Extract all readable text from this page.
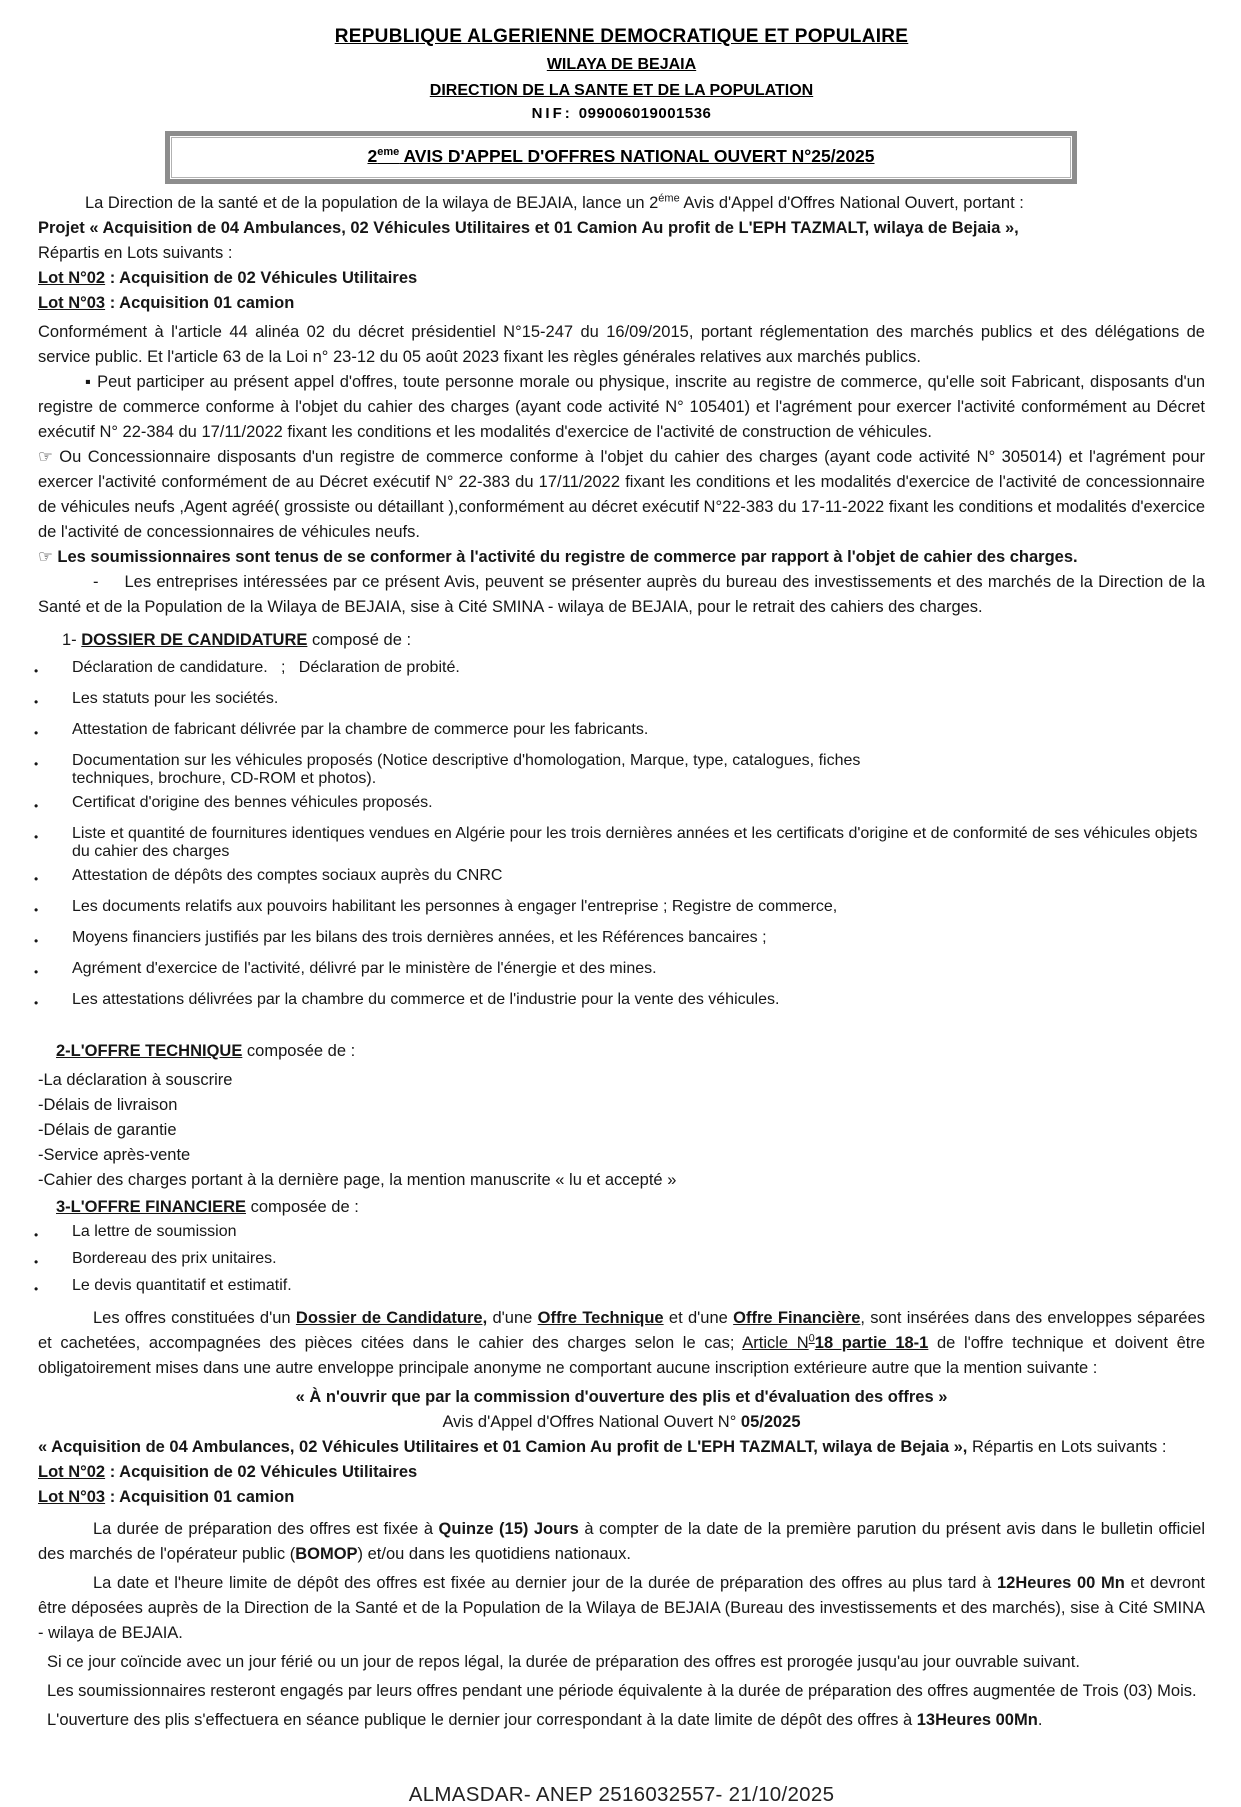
REPUBLIQUE ALGERIENNE DEMOCRATIQUE ET POPULAIRE
WILAYA DE BEJAIA
DIRECTION DE LA SANTE ET DE LA POPULATION
NIF: 099006019001536
2eme AVIS D'APPEL D'OFFRES NATIONAL OUVERT N°25/2025

La Direction de la santé et de la population de la wilaya de BEJAIA, lance un $2^{éme}$ Avis d'Appel d'Offres National Ouvert, portant :

Projet « Acquisition de 04 Ambulances, 02 Véhicules Utilitaires et 01 Camion Au profit de L'EPH TAZMALT, wilaya de Bejaia »,

Répartis en Lots suivants :

Lot N°02 : Acquisition de 02 Véhicules Utilitaires

Lot N°03 : Acquisition 01 camion

Conformément à l'article 44 alinéa 02 du décret présidentiel N°15-247 du 16/09/2015, portant réglementation des marchés publics et des délégations de service public. Et l'article 63 de la Loi n° 23-12 du 05 août 2023 fixant les règles générales relatives aux marchés publics.

▪ Peut participer au présent appel d'offres, toute personne morale ou physique, inscrite au registre de commerce, qu'elle soit Fabricant, disposants d'un registre de commerce conforme à l'objet du cahier des charges (ayant code activité N° 105401) et l'agrément pour exercer l'activité conformément au Décret exécutif N° 22-384 du 17/11/2022 fixant les conditions et les modalités d'exercice de l'activité de construction de véhicules.

☞ Ou Concessionnaire disposants d'un registre de commerce conforme à l'objet du cahier des charges (ayant code activité N° 305014) et l'agrément pour exercer l'activité conformément de au Décret exécutif N° 22-383 du 17/11/2022 fixant les conditions et les modalités d'exercice de l'activité de concessionnaire de véhicules neufs ,Agent agréé( grossiste ou détaillant ),conformément au décret exécutif N°22-383 du 17-11-2022 fixant les conditions et modalités d'exercice de l'activité de concessionnaires de véhicules neufs.

☞ Les soumissionnaires sont tenus de se conformer à l'activité du registre de commerce par rapport à l'objet de cahier des charges.

- Les entreprises intéressées par ce présent Avis, peuvent se présenter auprès du bureau des investissements et des marchés de la Direction de la Santé et de la Population de la Wilaya de BEJAIA, sise à Cité SMINA - wilaya de BEJAIA, pour le retrait des cahiers des charges.

1- DOSSIER DE CANDIDATURE composé de :

•	Déclaration de candidature.   ;   Déclaration de probité.
•	Les statuts pour les sociétés.
•	Attestation de fabricant délivrée par la chambre de commerce pour les fabricants.
•	Documentation sur les véhicules proposés (Notice descriptive d'homologation, Marque, type, catalogues, fiches techniques, brochure, CD-ROM et photos).
•	Certificat d'origine des bennes véhicules proposés.
•	Liste et quantité de fournitures identiques vendues en Algérie pour les trois dernières années et les certificats d'origine et de conformité de ses véhicules objets du cahier des charges
•	Attestation de dépôts des comptes sociaux auprès du CNRC
•	Les documents relatifs aux pouvoirs habilitant les personnes à engager l'entreprise ; Registre de commerce,
•	Moyens financiers justifiés par les bilans des trois dernières années, et les Références bancaires ;
•	Agrément d'exercice de l'activité, délivré par le ministère de l'énergie et des mines.
•	Les attestations délivrées par la chambre du commerce et de l'industrie pour la vente des véhicules.

2-L'OFFRE TECHNIQUE composée de :

-La déclaration à souscrire

-Délais de livraison

-Délais de garantie

-Service après-vente

-Cahier des charges portant à la dernière page, la mention manuscrite « lu et accepté »

3-L'OFFRE FINANCIERE composée de :

•	La lettre de soumission
•	Bordereau des prix unitaires.
•	Le devis quantitatif et estimatif.

Les offres constituées d'un Dossier de Candidature, d'une Offre Technique et d'une Offre Financière, sont insérées dans des enveloppes séparées et cachetées, accompagnées des pièces citées dans le cahier des charges selon le cas; Article $N^018$ partie 18-1 de l'offre technique et doivent être obligatoirement mises dans une autre enveloppe principale anonyme ne comportant aucune inscription extérieure autre que la mention suivante :

« À n'ouvrir que par la commission d'ouverture des plis et d'évaluation des offres »

Avis d'Appel d'Offres National Ouvert N° 05/2025

« Acquisition de 04 Ambulances, 02 Véhicules Utilitaires et 01 Camion Au profit de L'EPH TAZMALT, wilaya de Bejaia », Répartis en Lots suivants :

Lot N°02 : Acquisition de 02 Véhicules Utilitaires

Lot N°03 : Acquisition 01 camion

La durée de préparation des offres est fixée à Quinze (15) Jours à compter de la date de la première parution du présent avis dans le bulletin officiel des marchés de l'opérateur public (BOMOP) et/ou dans les quotidiens nationaux.

La date et l'heure limite de dépôt des offres est fixée au dernier jour de la durée de préparation des offres au plus tard à 12Heures 00 Mn et devront être déposées auprès de la Direction de la Santé et de la Population de la Wilaya de BEJAIA (Bureau des investissements et des marchés), sise à Cité SMINA - wilaya de BEJAIA.

Si ce jour coïncide avec un jour férié ou un jour de repos légal, la durée de préparation des offres est prorogée jusqu'au jour ouvrable suivant.

Les soumissionnaires resteront engagés par leurs offres pendant une période équivalente à la durée de préparation des offres augmentée de Trois (03) Mois.

L'ouverture des plis s'effectuera en séance publique le dernier jour correspondant à la date limite de dépôt des offres à 13Heures 00Mn.

ALMASDAR- ANEP 2516032557- 21/10/2025
